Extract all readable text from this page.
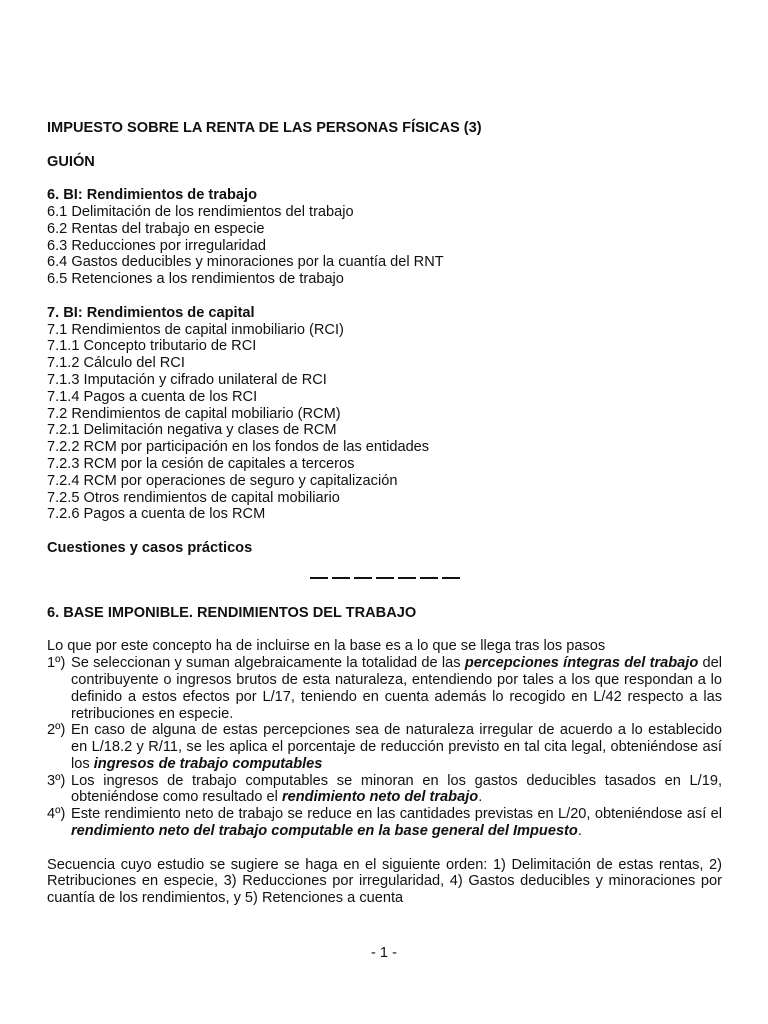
IMPUESTO SOBRE LA RENTA DE LAS PERSONAS FÍSICAS (3)
GUIÓN
6. BI: Rendimientos de trabajo
6.1 Delimitación de los rendimientos del trabajo
6.2 Rentas del trabajo en especie
6.3 Reducciones por irregularidad
6.4 Gastos deducibles y minoraciones por la cuantía del RNT
6.5 Retenciones a los rendimientos de trabajo
7. BI: Rendimientos de capital
7.1 Rendimientos de capital inmobiliario (RCI)
7.1.1 Concepto tributario de RCI
7.1.2 Cálculo del RCI
7.1.3 Imputación y cifrado unilateral de RCI
7.1.4 Pagos a cuenta de los RCI
7.2 Rendimientos de capital mobiliario (RCM)
7.2.1 Delimitación negativa y clases de RCM
7.2.2 RCM por participación en los fondos de las entidades
7.2.3 RCM por la cesión de capitales a terceros
7.2.4 RCM por operaciones de seguro y capitalización
7.2.5 Otros rendimientos de capital mobiliario
7.2.6 Pagos a cuenta de los RCM
Cuestiones y casos prácticos
6. BASE IMPONIBLE. RENDIMIENTOS DEL TRABAJO
Lo que por este concepto ha de incluirse en la base es a lo que se llega tras los pasos
1º) Se seleccionan y suman algebraicamente la totalidad de las percepciones íntegras del trabajo del contribuyente o ingresos brutos de esta naturaleza, entendiendo por tales a los que respondan a lo definido a estos efectos por L/17, teniendo en cuenta además lo recogido en L/42 respecto a las retribuciones en especie.
2º) En caso de alguna de estas percepciones sea de naturaleza irregular de acuerdo a lo establecido en L/18.2 y R/11, se les aplica el porcentaje de reducción previsto en tal cita legal, obteniéndose así los ingresos de trabajo computables
3º) Los ingresos de trabajo computables se minoran en los gastos deducibles tasados en L/19, obteniéndose como resultado el rendimiento neto del trabajo.
4º) Este rendimiento neto de trabajo se reduce en las cantidades previstas en L/20, obteniéndose así el rendimiento neto del trabajo computable en la base general del Impuesto.
Secuencia cuyo estudio se sugiere se haga en el siguiente orden: 1) Delimitación de estas rentas, 2) Retribuciones en especie, 3) Reducciones por irregularidad, 4) Gastos deducibles y minoraciones por cuantía de los rendimientos, y 5) Retenciones a cuenta
- 1 -
